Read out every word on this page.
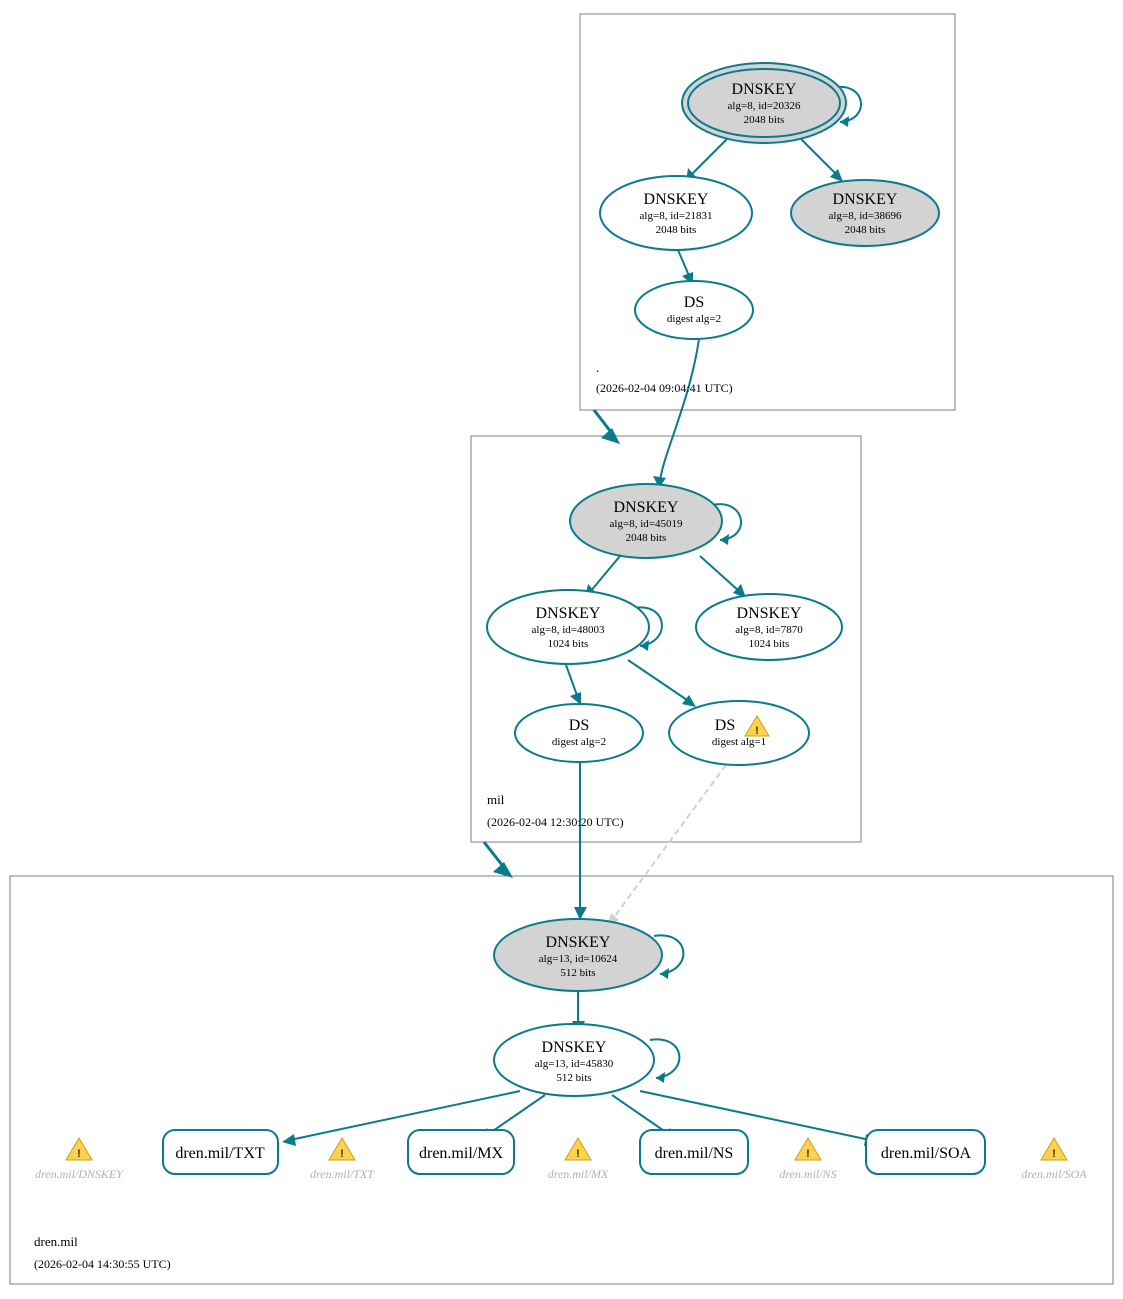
DNSKEY
alg=8, id=20326
2048 bits
DNSKEY
alg=8, id=21831
2048 bits
DNSKEY
alg=8, id=38696
2048 bits
DS
digest alg=2
.
(2026-02-04 09:04:41 UTC)
DNSKEY
alg=8, id=45019
2048 bits
DNSKEY
alg=8, id=48003
1024 bits
DNSKEY
alg=8, id=7870
1024 bits
DS
digest alg=2
DS
digest alg=1
!
mil
(2026-02-04 12:30:20 UTC)
DNSKEY
alg=13, id=10624
512 bits
DNSKEY
alg=13, id=45830
512 bits
dren.mil/TXT	dren.mil/MX	dren.mil/NS	dren.mil/SOA
!
dren.mil/DNSKEY
!
dren.mil/TXT
!
dren.mil/MX
!
dren.mil/NS
!
dren.mil/SOA
dren.mil
(2026-02-04 14:30:55 UTC)
